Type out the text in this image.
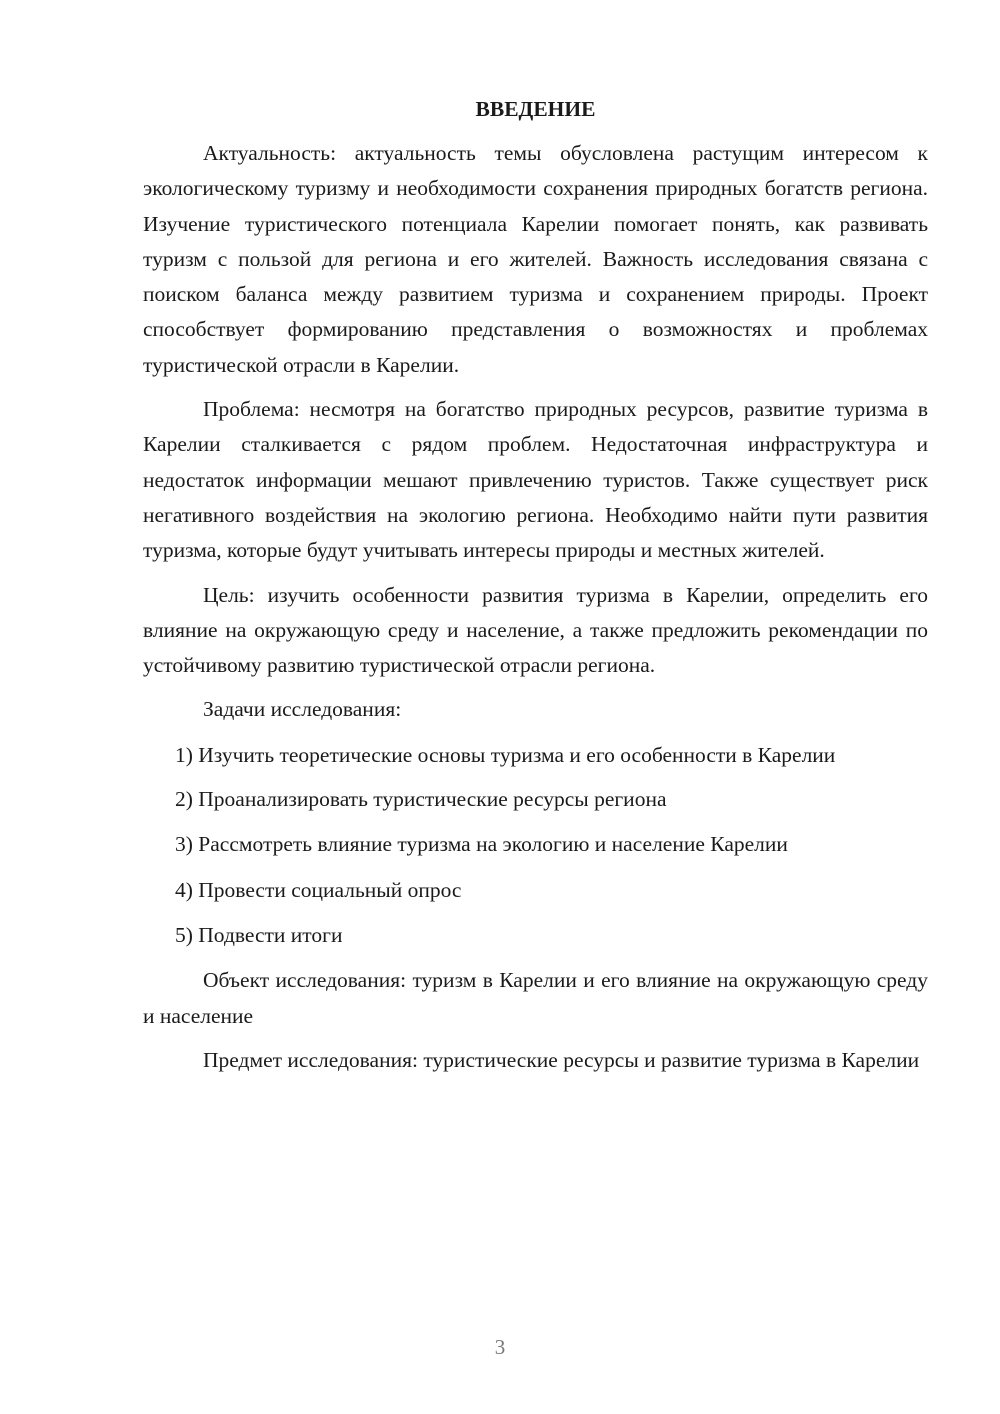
ВВЕДЕНИЕ

Актуальность: актуальность темы обусловлена растущим интересом к экологическому туризму и необходимости сохранения природных богатств региона. Изучение туристического потенциала Карелии помогает понять, как развивать туризм с пользой для региона и его жителей. Важность исследования связана с поиском баланса между развитием туризма и сохранением природы. Проект способствует формированию представления о возможностях и проблемах туристической отрасли в Карелии.

Проблема: несмотря на богатство природных ресурсов, развитие туризма в Карелии сталкивается с рядом проблем. Недостаточная инфраструктура и недостаток информации мешают привлечению туристов. Также существует риск негативного воздействия на экологию региона. Необходимо найти пути развития туризма, которые будут учитывать интересы природы и местных жителей.

Цель: изучить особенности развития туризма в Карелии, определить его влияние на окружающую среду и население, а также предложить рекомендации по устойчивому развитию туристической отрасли региона.

Задачи исследования:

1) Изучить теоретические основы туризма и его особенности в Карелии

2) Проанализировать туристические ресурсы региона

3) Рассмотреть влияние туризма на экологию и население Карелии

4) Провести социальный опрос

5) Подвести итоги

Объект исследования: туризм в Карелии и его влияние на окружающую среду и население

Предмет исследования: туристические ресурсы и развитие туризма в Карелии

3
